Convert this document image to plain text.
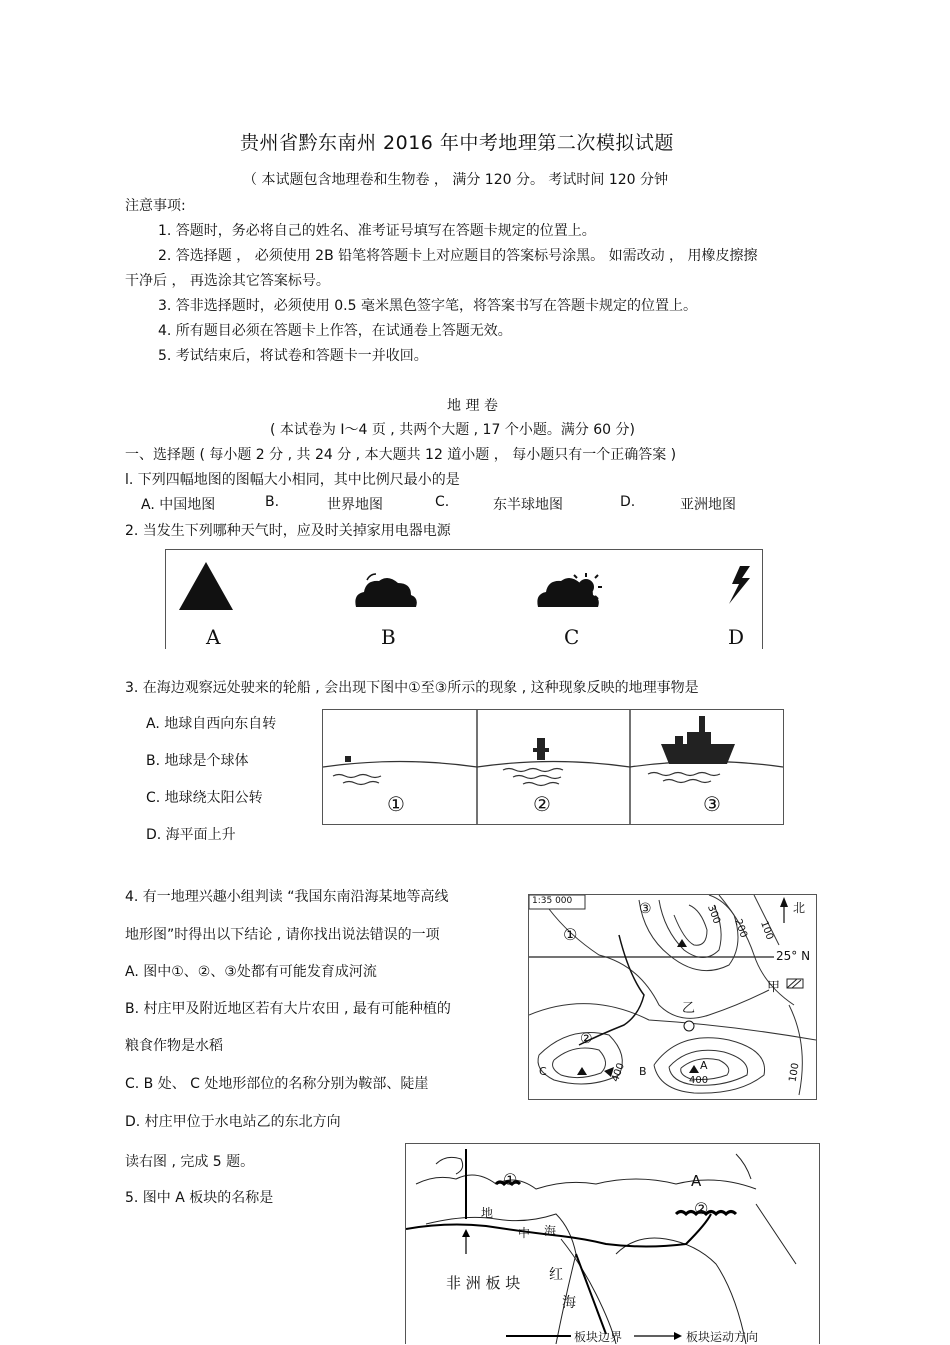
贵州省黔东南州 2016 年中考地理第二次模拟试题
（ 本试题包含地理卷和生物卷 ， 满分 120 分。 考试时间 120 分钟
注意事项:
1. 答题时，务必将自己的姓名、准考证号填写在答题卡规定的位置上。
2. 答选择题 ， 必须使用 2B 铅笔将答题卡上对应题目的答案标号涂黑。 如需改动 ， 用橡皮擦擦
干净后 ， 再选涂其它答案标号。
3. 答非选择题时，必须使用 0.5 毫米黑色签字笔，将答案书写在答题卡规定的位置上。
4. 所有题目必须在答题卡上作答，在试通卷上答题无效。
5. 考试结束后，将试卷和答题卡一并收回。
地 理 卷
( 本试卷为 Ⅰ～4 页 , 共两个大题 , 17 个小题。满分 60 分)
一、选择题 ( 每小题 2 分 , 共 24 分 , 本大题共 12 道小题 ， 每小题只有一个正确答案 )
l. 下列四幅地图的图幅大小相同，其中比例尺最小的是
A. 中国地图	B.	世界地图	C.	东半球地图	D.	亚洲地图
2. 当发生下列哪种天气时，应及时关掉家用电器电源
A	B	C	D
3. 在海边观察远处驶来的轮船 , 会出现下图中①至③所示的现象 , 这种现象反映的地理事物是
A. 地球自西向东自转
B. 地球是个球体
C. 地球绕太阳公转
D. 海平面上升
①	②	③
4. 有一地理兴趣小组判读 “我国东南沿海某地等高线
地形图”时得出以下结论 , 请你找出说法错误的一项
A. 图中①、②、③处都有可能发育成河流
B. 村庄甲及附近地区若有大片农田 , 最有可能种植的
粮食作物是水稻
C. B 处、 C 处地形部位的名称分别为鞍部、陡崖
D. 村庄甲位于水电站乙的东北方向
1:35 000	北
25° N
甲
乙
300
200 100
400	400	100
①
②
③
A
B
C
读右图 , 完成 5 题。
5. 图中 A 板块的名称是
①
②
A
地
中 海
非 洲 板 块 红
海
板块边界	板块运动方向
